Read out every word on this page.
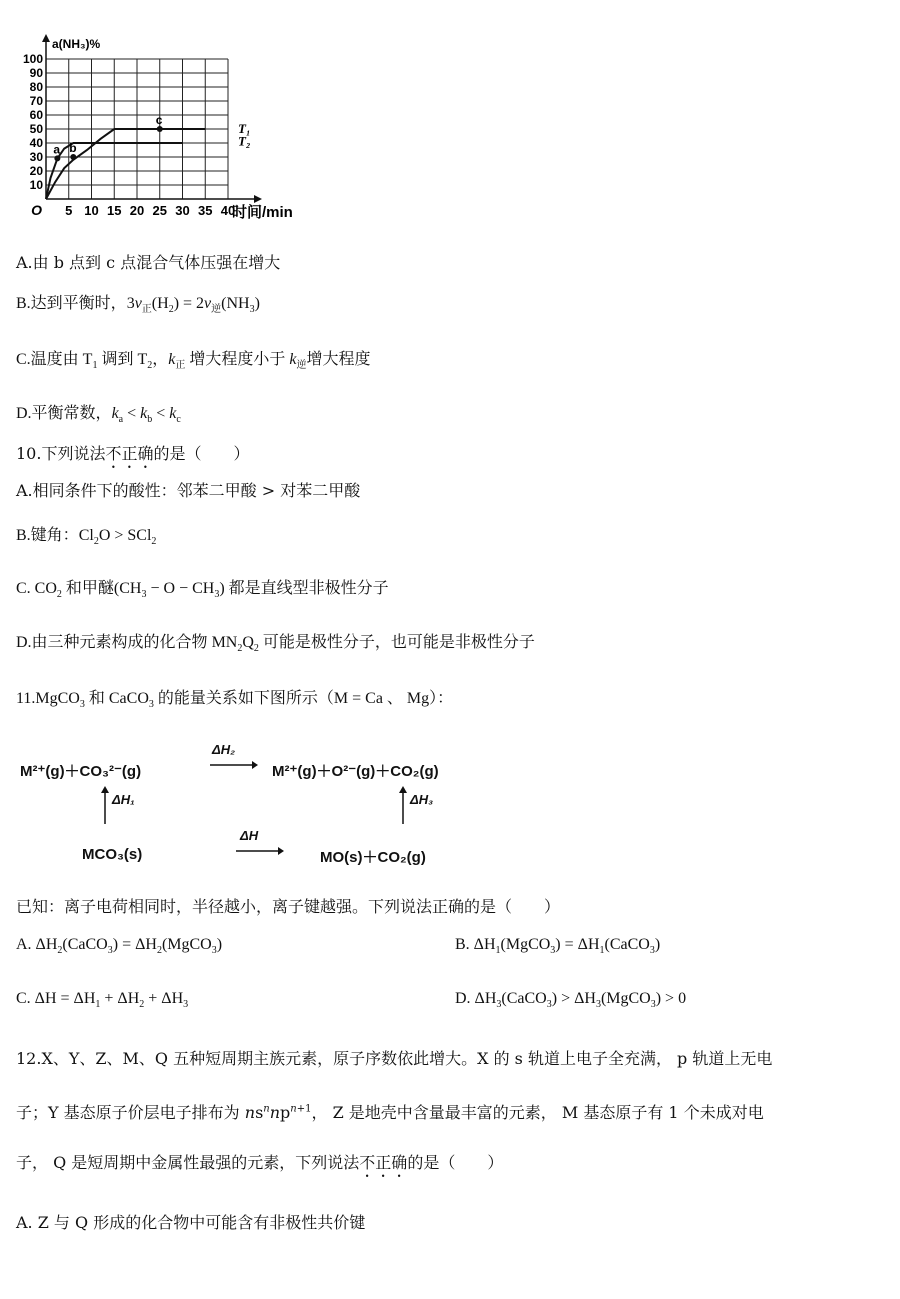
5 10 15 20 25 30 35 40
10
20
30
40
50
60
70
80
90
100
O
a(NH₃)%
时间/min
a b
c
T₁
T₂
A.由 b 点到 c 点混合气体压强在增大
B.达到平衡时，$3v_正(H_2) = 2v_逆(NH_3)$
C.温度由 $T_1$ 调到 $T_2$，$k_正$ 增大程度小于 $k_逆$增大程度
D.平衡常数，$k_a < k_b < k_c$
10.下列说法不正确的是（　　）
A.相同条件下的酸性：邻苯二甲酸 > 对苯二甲酸
B.键角：$Cl_2O > SCl_2$
C. $CO_2$ 和甲醚$(CH_3 - O - CH_3)$ 都是直线型非极性分子
D.由三种元素构成的化合物 $MN_2Q_2$ 可能是极性分子，也可能是非极性分子
11.MgCO$_3$ 和 CaCO$_3$ 的能量关系如下图所示（M = Ca 、 Mg）：
M²⁺(g)＋CO₃²⁻(g)
ΔH₂
M²⁺(g)＋O²⁻(g)＋CO₂(g)
ΔH₁	ΔH₃
MCO₃(s)
ΔH
MO(s)＋CO₂(g)
已知：离子电荷相同时，半径越小，离子键越强。下列说法正确的是（　　）
A. $\Delta H_2(CaCO_3)$ = $\Delta H_2(MgCO_3)$	B. $\Delta H_1(MgCO_3)$ = $\Delta H_1(CaCO_3)$
C. $\Delta H = \Delta H_1 + \Delta H_2 + \Delta H_3$	D. $\Delta H_3(CaCO_3)$ > $\Delta H_3(MgCO_3) > 0$
12.X、Y、Z、M、Q 五种短周期主族元素，原子序数依此增大。X 的 s 轨道上电子全充满， p 轨道上无电
子；Y 基态原子价层电子排布为 $ns^nnp^{n+1}$， Z 是地壳中含量最丰富的元素， M 基态原子有 1 个未成对电
子， Q 是短周期中金属性最强的元素，下列说法不正确的是（　　）
A. Z 与 Q 形成的化合物中可能含有非极性共价键
